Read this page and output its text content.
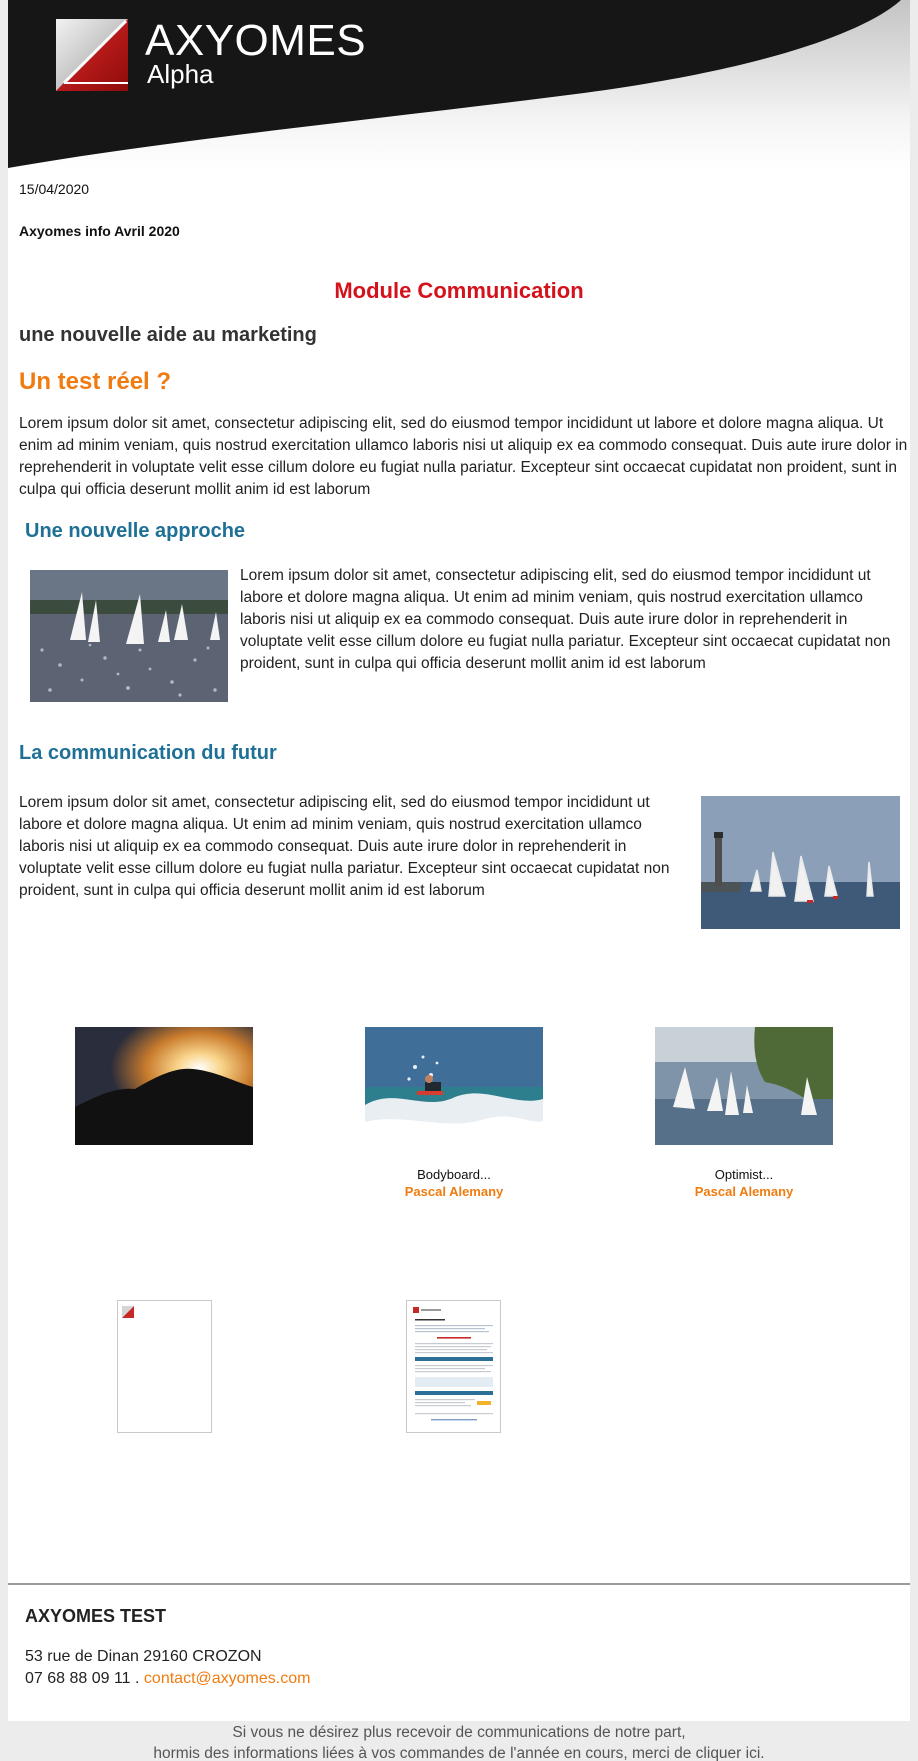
AXYOMES
Alpha
15/04/2020
Axyomes info Avril 2020
Module Communication
une nouvelle aide au marketing
Un test réel ?
Lorem ipsum dolor sit amet, consectetur adipiscing elit, sed do eiusmod tempor incididunt ut labore et dolore magna aliqua. Ut enim ad minim veniam, quis nostrud exercitation ullamco laboris nisi ut aliquip ex ea commodo consequat. Duis aute irure dolor in reprehenderit in voluptate velit esse cillum dolore eu fugiat nulla pariatur. Excepteur sint occaecat cupidatat non proident, sunt in culpa qui officia deserunt mollit anim id est laborum
Une nouvelle approche
Lorem ipsum dolor sit amet, consectetur adipiscing elit, sed do eiusmod tempor incididunt ut labore et dolore magna aliqua. Ut enim ad minim veniam, quis nostrud exercitation ullamco laboris nisi ut aliquip ex ea commodo consequat. Duis aute irure dolor in reprehenderit in voluptate velit esse cillum dolore eu fugiat nulla pariatur. Excepteur sint occaecat cupidatat non proident, sunt in culpa qui officia deserunt mollit anim id est laborum
La communication du futur
Lorem ipsum dolor sit amet, consectetur adipiscing elit, sed do eiusmod tempor incididunt ut labore et dolore magna aliqua. Ut enim ad minim veniam, quis nostrud exercitation ullamco laboris nisi ut aliquip ex ea commodo consequat. Duis aute irure dolor in reprehenderit in voluptate velit esse cillum dolore eu fugiat nulla pariatur. Excepteur sint occaecat cupidatat non proident, sunt in culpa qui officia deserunt mollit anim id est laborum
Bodyboard...
Pascal Alemany
Optimist...
Pascal Alemany
AXYOMES TEST
53 rue de Dinan 29160 CROZON
07 68 88 09 11 . contact@axyomes.com
Si vous ne désirez plus recevoir de communications de notre part,
hormis des informations liées à vos commandes de l'année en cours, merci de cliquer ici.
